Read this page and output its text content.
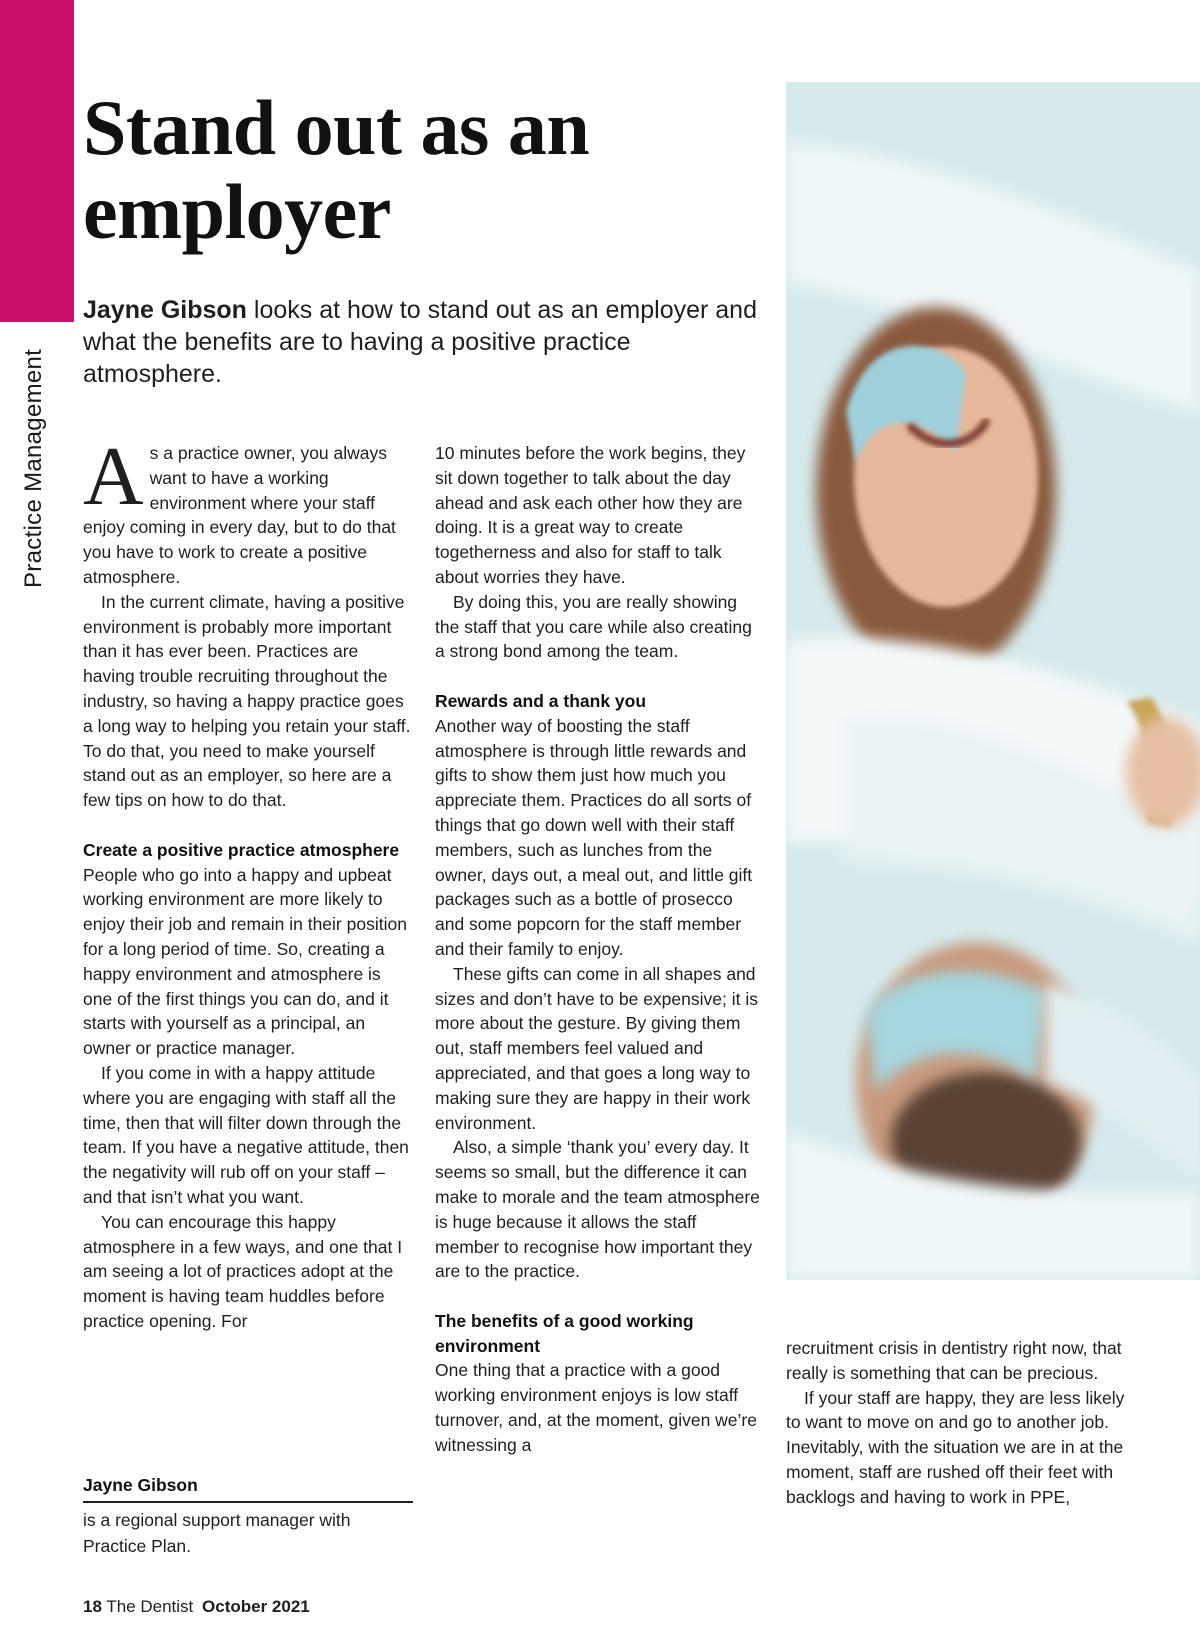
Practice Management
Stand out as an
employer

Jayne Gibson looks at how to stand out as an employer and what the benefits are to having a positive practice atmosphere.

As a practice owner, you always want to have a working environment where your staff enjoy coming in every day, but to do that you have to work to create a positive atmosphere.

In the current climate, having a positive environment is probably more important than it has ever been. Practices are having trouble recruiting throughout the industry, so having a happy practice goes a long way to helping you retain your staff. To do that, you need to make yourself stand out as an employer, so here are a few tips on how to do that.

Create a positive practice atmosphere

People who go into a happy and upbeat working environment are more likely to enjoy their job and remain in their position for a long period of time. So, creating a happy environment and atmosphere is one of the first things you can do, and it starts with yourself as a principal, an owner or practice manager.

If you come in with a happy attitude where you are engaging with staff all the time, then that will filter down through the team. If you have a negative attitude, then the negativity will rub off on your staff – and that isn’t what you want.

You can encourage this happy atmosphere in a few ways, and one that I am seeing a lot of practices adopt at the moment is having team huddles before practice opening. For

Jayne Gibson
is a regional support manager with Practice Plan.

10 minutes before the work begins, they sit down together to talk about the day ahead and ask each other how they are doing. It is a great way to create togetherness and also for staff to talk about worries they have.

By doing this, you are really showing the staff that you care while also creating a strong bond among the team.

Rewards and a thank you

Another way of boosting the staff atmosphere is through little rewards and gifts to show them just how much you appreciate them. Practices do all sorts of things that go down well with their staff members, such as lunches from the owner, days out, a meal out, and little gift packages such as a bottle of prosecco and some popcorn for the staff member and their family to enjoy.

These gifts can come in all shapes and sizes and don’t have to be expensive; it is more about the gesture. By giving them out, staff members feel valued and appreciated, and that goes a long way to making sure they are happy in their work environment.

Also, a simple ‘thank you’ every day. It seems so small, but the difference it can make to morale and the team atmosphere is huge because it allows the staff member to recognise how important they are to the practice.

The benefits of a good working environment

One thing that a practice with a good working environment enjoys is low staff turnover, and, at the moment, given we’re witnessing a

recruitment crisis in dentistry right now, that really is something that can be precious.

If your staff are happy, they are less likely to want to move on and go to another job. Inevitably, with the situation we are in at the moment, staff are rushed off their feet with backlogs and having to work in PPE,

18 The Dentist October 2021
